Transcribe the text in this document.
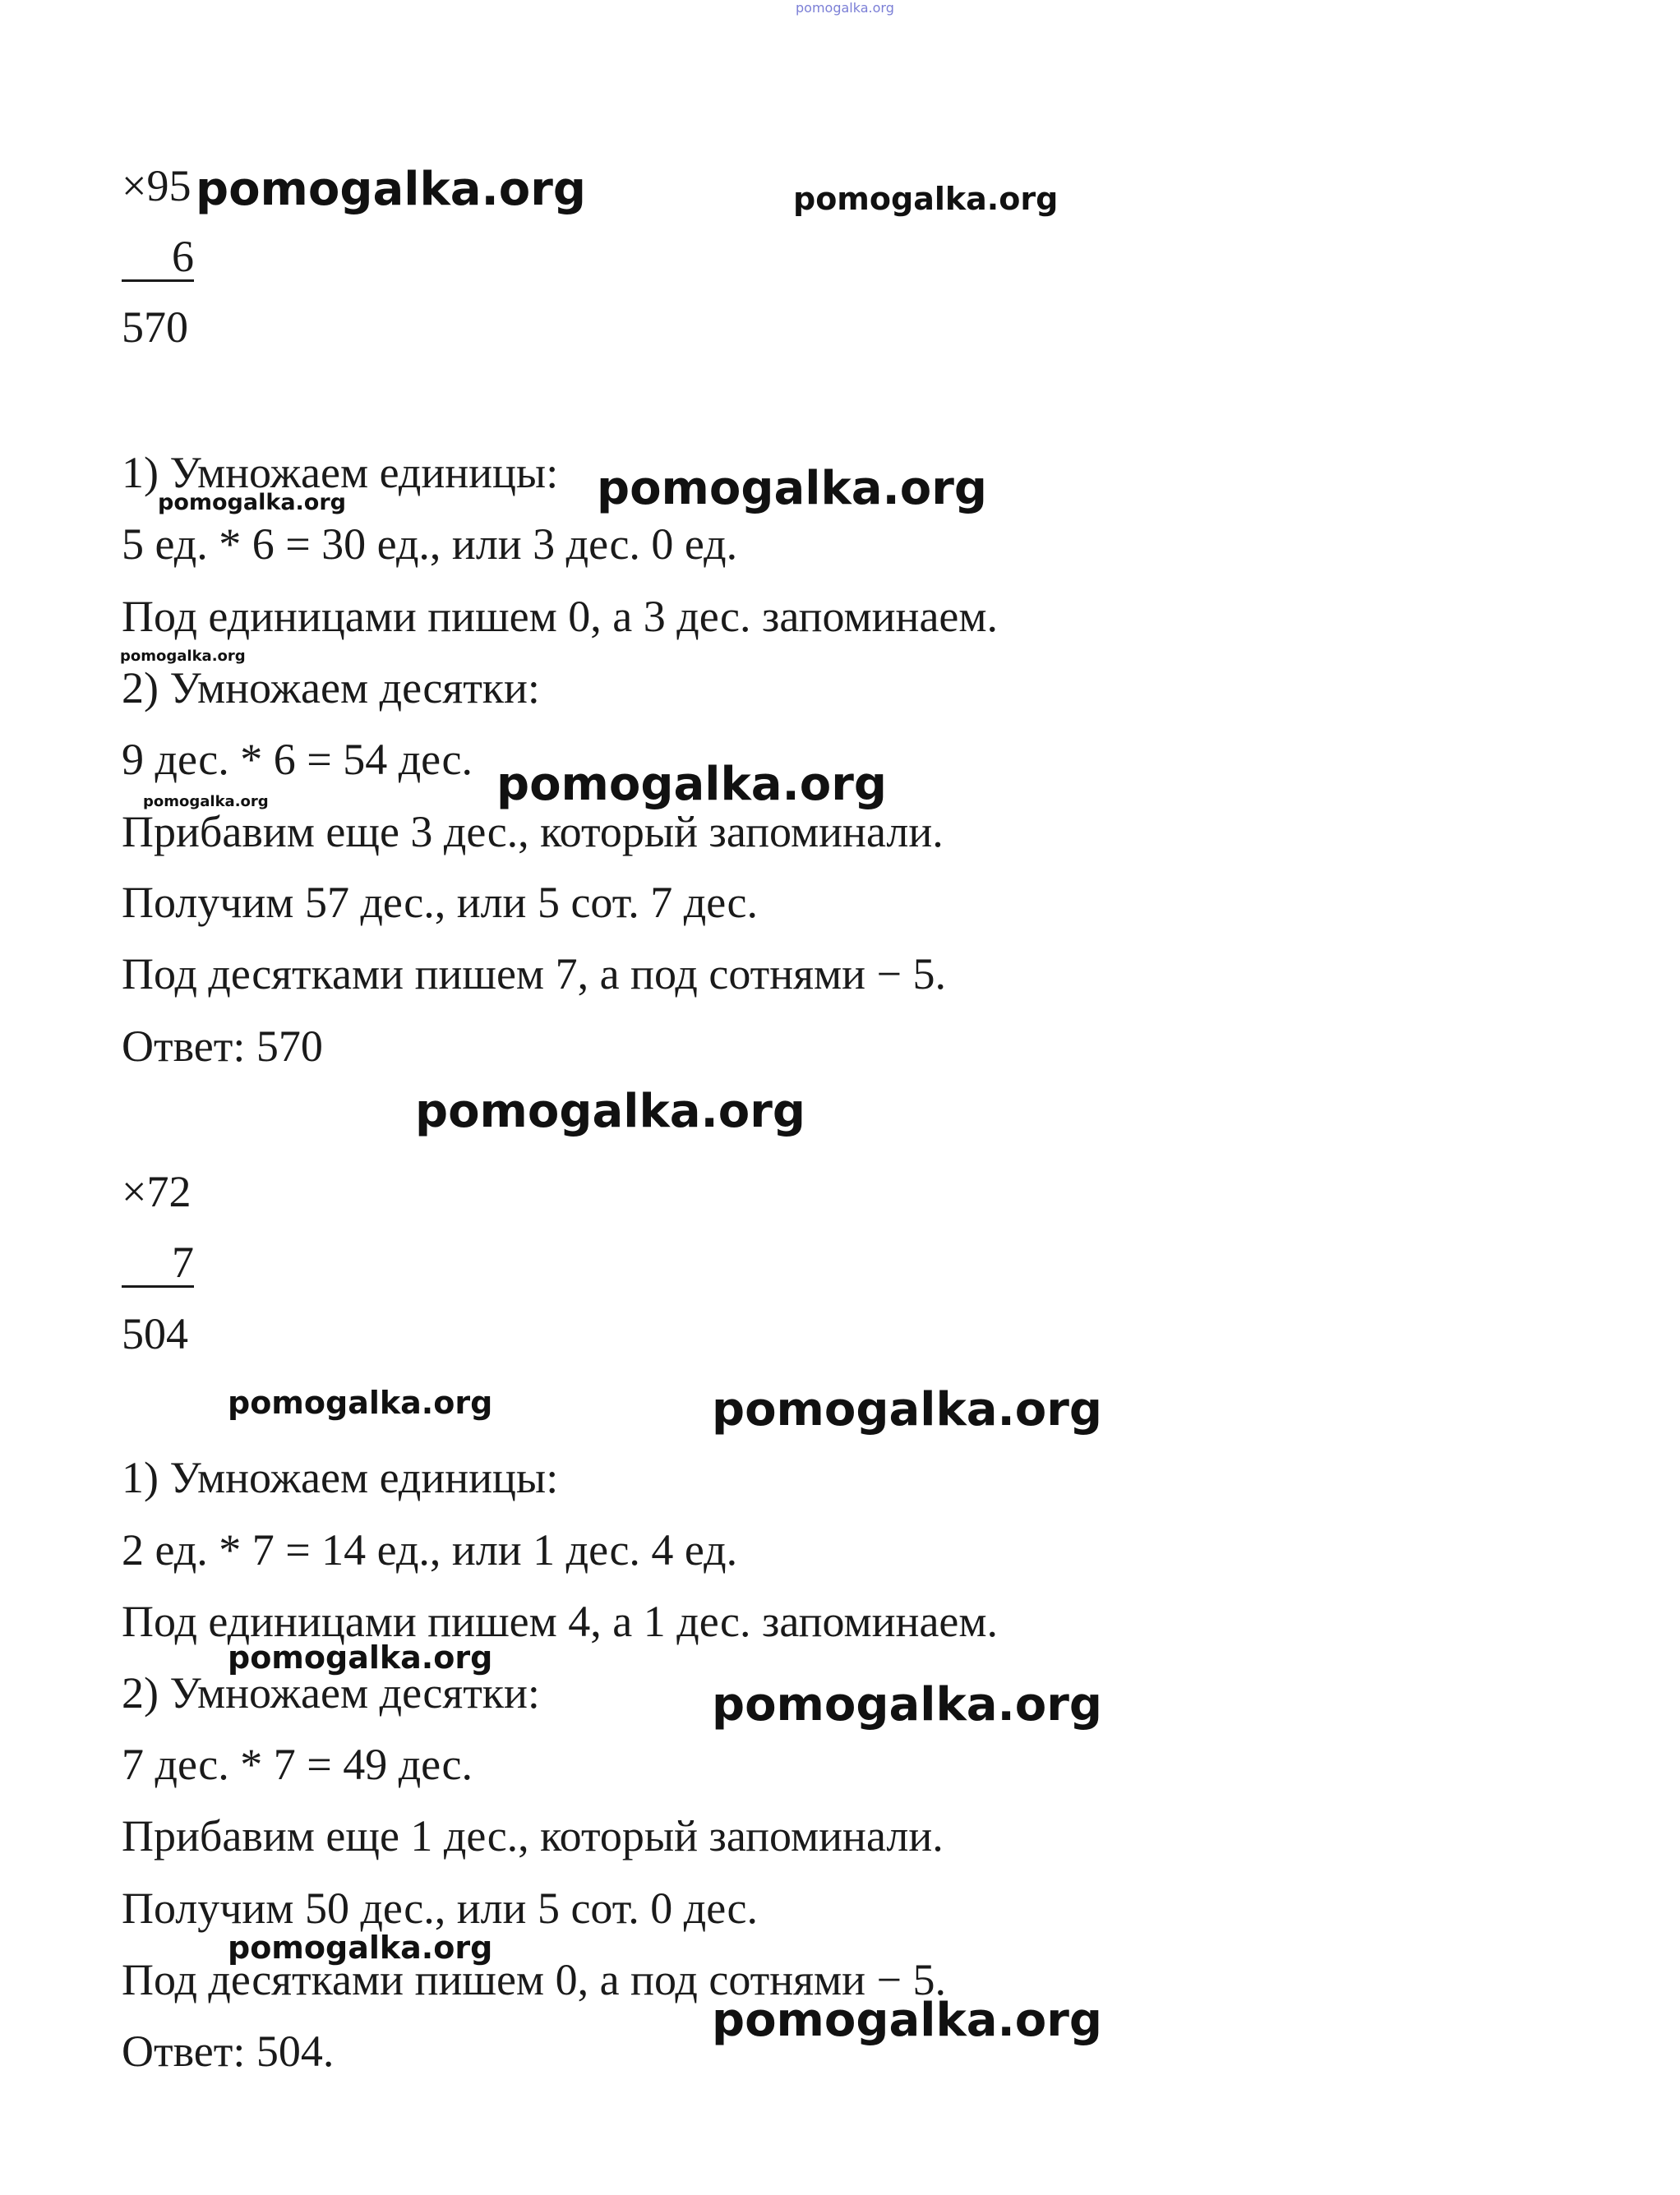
pomogalka.org
×95
6
570
1) Умножаем единицы:
5 ед. * 6 = 30 ед., или 3 дес. 0 ед.
Под единицами пишем 0, а 3 дес. запоминаем.
2) Умножаем десятки:
9 дес. * 6 = 54 дес.
Прибавим еще 3 дес., который запоминали.
Получим 57 дес., или 5 сот. 7 дес.
Под десятками пишем 7, а под сотнями − 5.
Ответ: 570
×72
7
504
1) Умножаем единицы:
2 ед. * 7 = 14 ед., или 1 дес. 4 ед.
Под единицами пишем 4, а 1 дес. запоминаем.
2) Умножаем десятки:
7 дес. * 7 = 49 дес.
Прибавим еще 1 дес., который запоминали.
Получим 50 дес., или 5 сот. 0 дес.
Под десятками пишем 0, а под сотнями − 5.
Ответ: 504.
pomogalka.org	pomogalka.org
pomogalka.org
pomogalka.org
pomogalka.org
pomogalka.org
pomogalka.org
pomogalka.org
pomogalka.org	pomogalka.org
pomogalka.org
pomogalka.org
pomogalka.org
pomogalka.org
